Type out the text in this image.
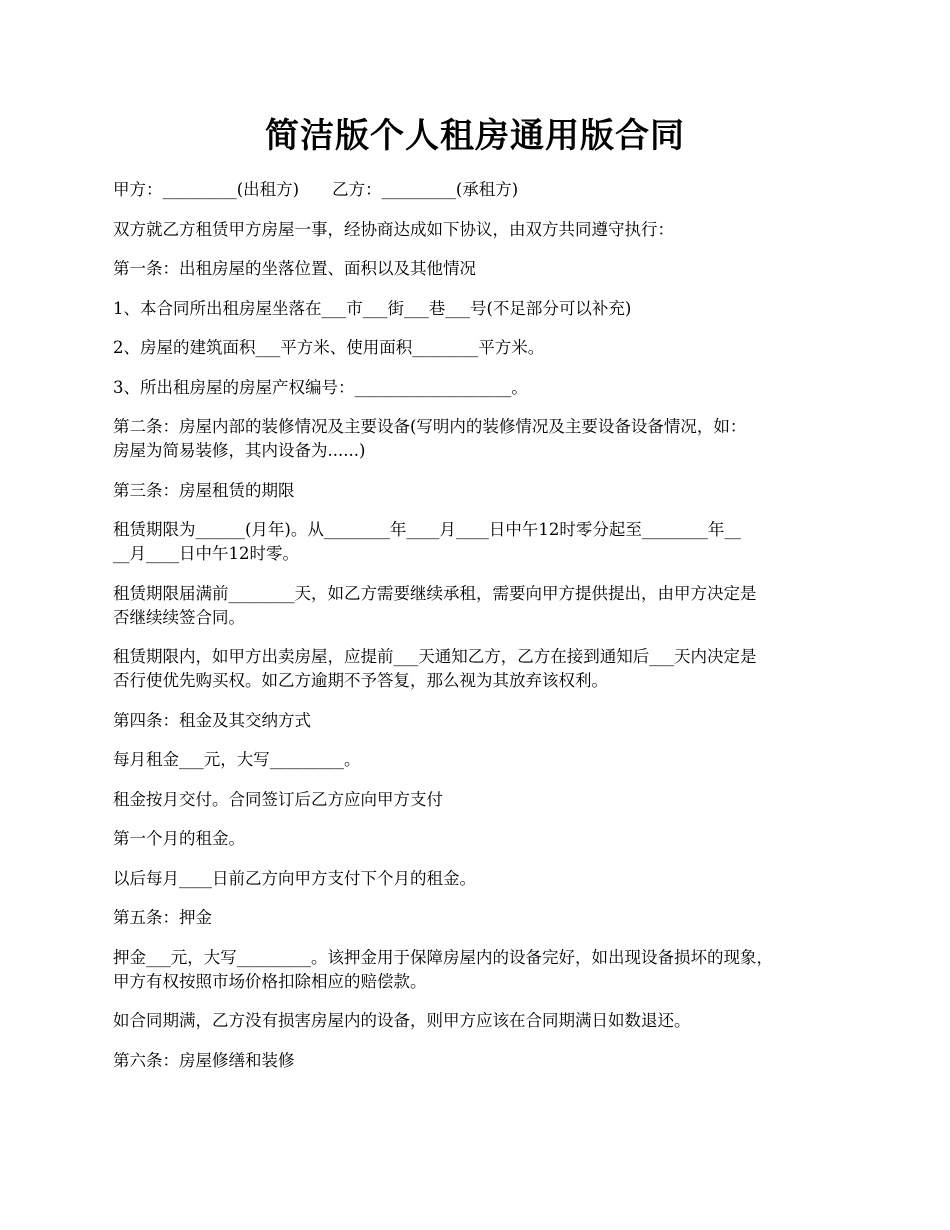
简洁版个人租房通用版合同

甲方：_________(出租方)　　乙方：_________(承租方)

双方就乙方租赁甲方房屋一事，经协商达成如下协议，由双方共同遵守执行：

第一条：出租房屋的坐落位置、面积以及其他情况

1、本合同所出租房屋坐落在___市___街___巷___号(不足部分可以补充)

2、房屋的建筑面积___平方米、使用面积________平方米。

3、所出租房屋的房屋产权编号：___________________。

第二条：房屋内部的装修情况及主要设备(写明内的装修情况及主要设备设备情况，如：
房屋为简易装修，其内设备为......)

第三条：房屋租赁的期限

租赁期限为______(月年)。从________年____月____日中午12时零分起至________年__
__月____日中午12时零。

租赁期限届满前________天，如乙方需要继续承租，需要向甲方提供提出，由甲方决定是
否继续续签合同。

租赁期限内，如甲方出卖房屋，应提前___天通知乙方，乙方在接到通知后___天内决定是
否行使优先购买权。如乙方逾期不予答复，那么视为其放弃该权利。

第四条：租金及其交纳方式

每月租金___元，大写_________。

租金按月交付。合同签订后乙方应向甲方支付

第一个月的租金。

以后每月____日前乙方向甲方支付下个月的租金。

第五条：押金

押金___元，大写_________。该押金用于保障房屋内的设备完好，如出现设备损坏的现象，
甲方有权按照市场价格扣除相应的赔偿款。

如合同期满，乙方没有损害房屋内的设备，则甲方应该在合同期满日如数退还。

第六条：房屋修缮和装修
